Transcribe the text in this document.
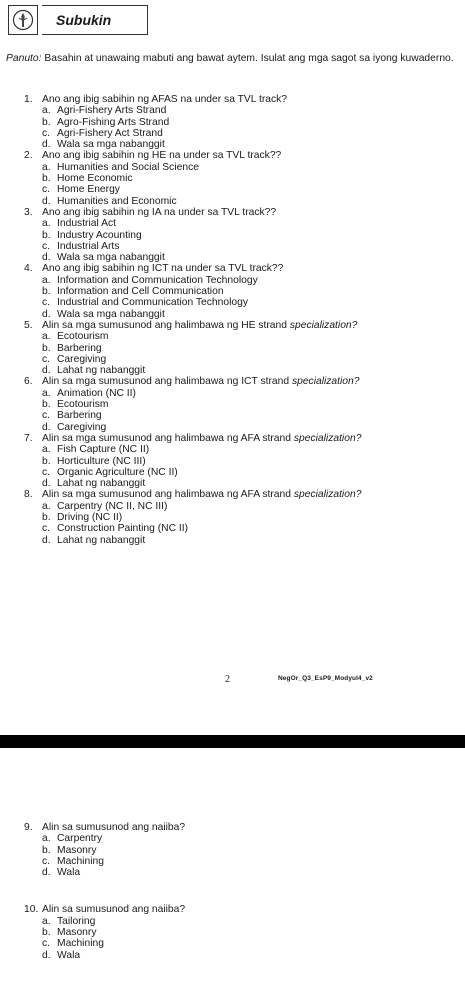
Subukin
Panuto: Basahin at unawaing mabuti ang bawat aytem. Isulat ang mga sagot sa iyong kuwaderno.
1. Ano ang ibig sabihin ng AFAS na under sa TVL track?
a. Agri-Fishery Arts Strand
b. Agro-Fishing Arts Strand
c. Agri-Fishery Act Strand
d. Wala sa mga nabanggit
2. Ano ang ibig sabihin ng HE na under sa TVL track??
a. Humanities and Social Science
b. Home Economic
c. Home Energy
d. Humanities and Economic
3. Ano ang ibig sabihin ng IA na under sa TVL track??
a. Industrial Act
b. Industry Acounting
c. Industrial Arts
d. Wala sa mga nabanggit
4. Ano ang ibig sabihin ng ICT na under sa TVL track??
a. Information and Communication Technology
b. Information and Cell Communication
c. Industrial and Communication Technology
d. Wala sa mga nabanggit
5. Alin sa mga sumusunod ang halimbawa ng HE strand specialization?
a. Ecotourism
b. Barbering
c. Caregiving
d. Lahat ng nabanggit
6. Alin sa mga sumusunod ang halimbawa ng ICT strand specialization?
a. Animation (NC II)
b. Ecotourism
c. Barbering
d. Caregiving
7. Alin sa mga sumusunod ang halimbawa ng AFA strand specialization?
a. Fish Capture (NC II)
b. Horticulture (NC III)
c. Organic Agriculture (NC II)
d. Lahat ng nabanggit
8. Alin sa mga sumusunod ang halimbawa ng AFA strand specialization?
a. Carpentry (NC II, NC III)
b. Driving (NC II)
c. Construction Painting (NC II)
d. Lahat ng nabanggit
2	NegOr_Q3_EsP9_Modyul4_v2
9. Alin sa sumusunod ang naiiba?
a. Carpentry
b. Masonry
c. Machining
d. Wala
10. Alin sa sumusunod ang naiiba?
a. Tailoring
b. Masonry
c. Machining
d. Wala
